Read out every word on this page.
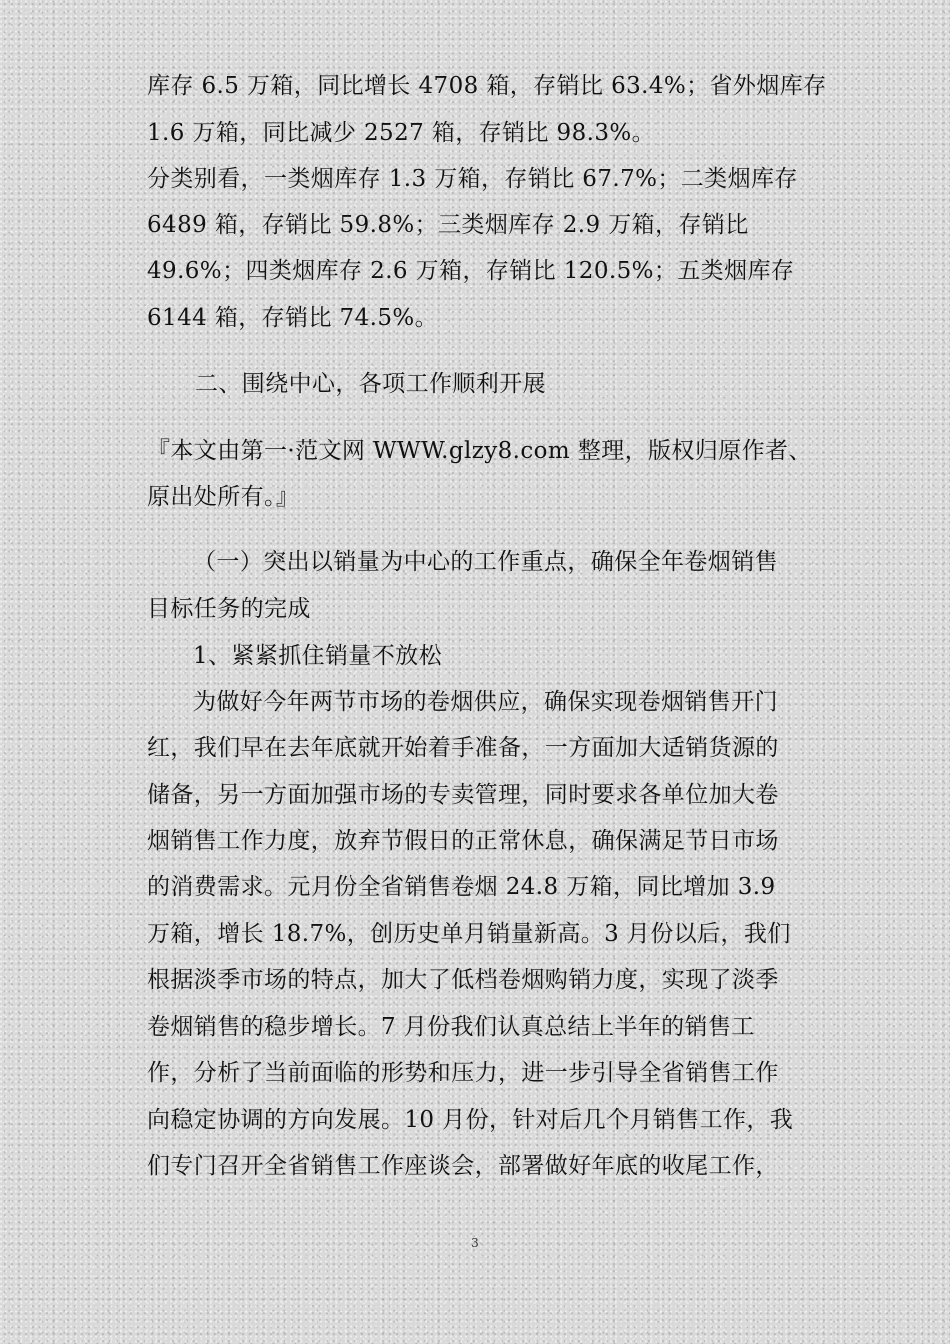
库存 6.5 万箱，同比增长 4708 箱，存销比 63.4%；省外烟库存
1.6 万箱，同比减少 2527 箱，存销比 98.3%。
分类别看，一类烟库存 1.3 万箱，存销比 67.7%；二类烟库存
6489 箱，存销比 59.8%；三类烟库存 2.9 万箱，存销比
49.6%；四类烟库存 2.6 万箱，存销比 120.5%；五类烟库存
6144 箱，存销比 74.5%。
二、围绕中心，各项工作顺利开展
『本文由第一·范文网 WWW.glzy8.com 整理，版权归原作者、
原出处所有。』
（一）突出以销量为中心的工作重点，确保全年卷烟销售
目标任务的完成
1、紧紧抓住销量不放松
为做好今年两节市场的卷烟供应，确保实现卷烟销售开门
红，我们早在去年底就开始着手准备，一方面加大适销货源的
储备，另一方面加强市场的专卖管理，同时要求各单位加大卷
烟销售工作力度，放弃节假日的正常休息，确保满足节日市场
的消费需求。元月份全省销售卷烟 24.8 万箱，同比增加 3.9
万箱，增长 18.7%，创历史单月销量新高。3 月份以后，我们
根据淡季市场的特点，加大了低档卷烟购销力度，实现了淡季
卷烟销售的稳步增长。7 月份我们认真总结上半年的销售工
作，分析了当前面临的形势和压力，进一步引导全省销售工作
向稳定协调的方向发展。10 月份，针对后几个月销售工作，我
们专门召开全省销售工作座谈会，部署做好年底的收尾工作，
3
